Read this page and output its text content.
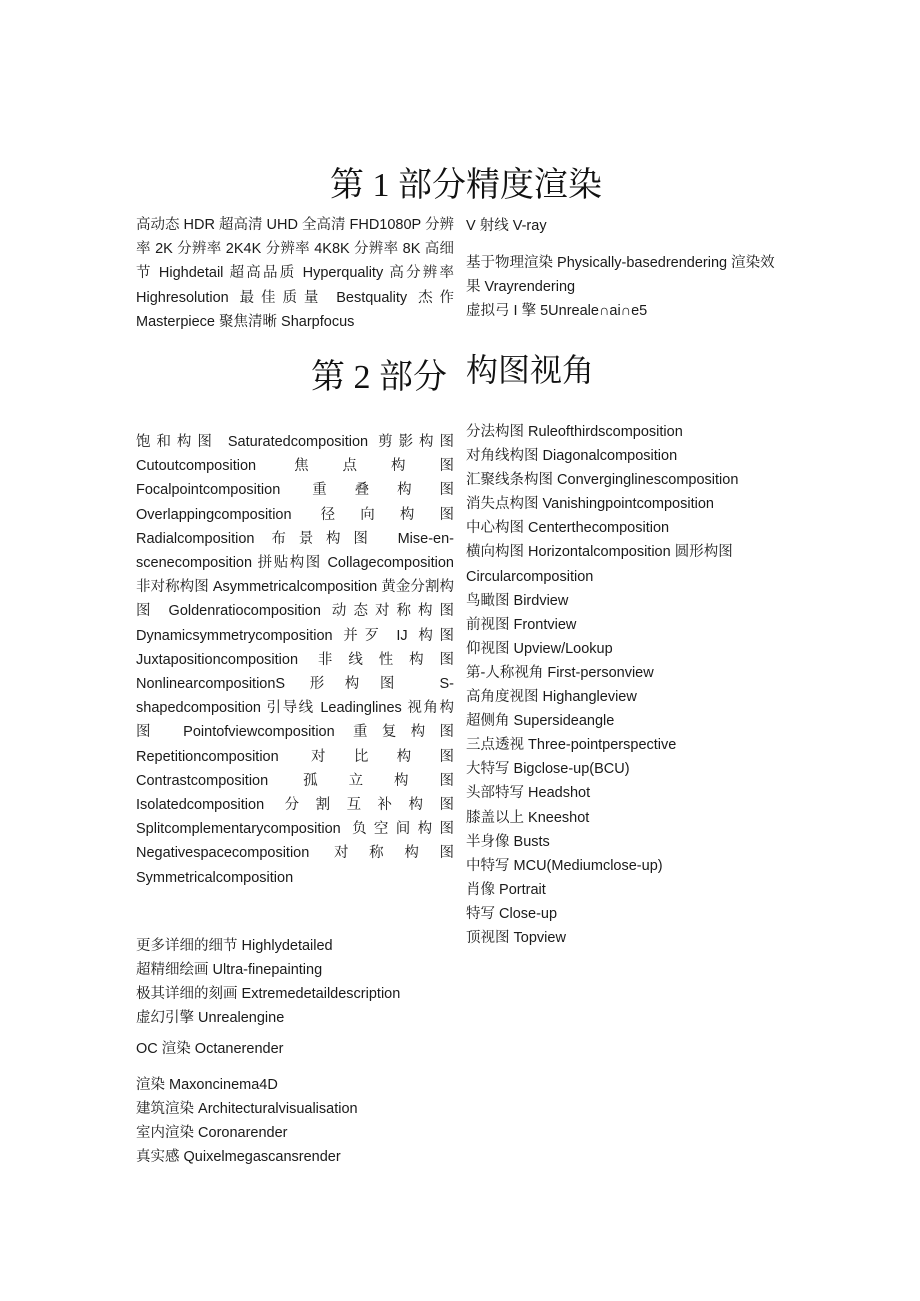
第 1 部分精度渲染
高动态 HDR 超高清 UHD 全高清 FHD1080P 分辨率 2K 分辨率 2K4K 分辨率 4K8K 分辨率 8K 高细节 Highdetail 超高品质 Hyperquality 高分辨率 Highresolution 最佳质量 Bestquality 杰作 Masterpiece 聚焦清晰 Sharpfocus
V 射线 V-ray
基于物理渲染 Physically-basedrendering 渲染效果 Vrayrendering
虚拟弓 I 擎 5Unreale∩ai∩e5
第 2 部分 构图视角
饱和构图 Saturatedcomposition 剪影构图 Cutoutcomposition 焦点构图 Focalpointcomposition 重叠构图 Overlappingcomposition 径向构图 Radialcomposition 布景构图 Mise-en-scenecomposition 拼贴构图 Collagecomposition 非对称构图 Asymmetricalcomposition 黄金分割构图 Goldenratiocomposition 动态对称构图 Dynamicsymmetrycomposition 并歹 IJ 构图 Juxtapositioncomposition 非线性构图 NonlinearcompositionS 形构图 S-shapedcomposition 引导线 Leadinglines 视角构图 Pointofviewcomposition 重复构图 Repetitioncomposition 对比构图 Contrastcomposition 孤立构图 Isolatedcomposition 分割互补构图 Splitcomplementarycomposition 负空间构图 Negativespacecomposition 对称构图 Symmetricalcomposition
分法构图 Ruleofthirdscomposition
对角线构图 Diagonalcomposition
汇聚线条构图 Converginglinescomposition
消失点构图 Vanishingpointcomposition
中心构图 Centerthecomposition
横向构图 Horizontalcomposition 圆形构图
Circularcomposition
鸟瞰图 Birdview
前视图 Frontview
仰视图 Upview/Lookup
第-人称视角 First-personview
高角度视图 Highangleview
超侧角 Supersideangle
三点透视 Three-pointperspective
大特写 Bigclose-up(BCU)
头部特写 Headshot
膝盖以上 Kneeshot
半身像 Busts
中特写 MCU(Mediumclose-up)
肖像 Portrait
特写 Close-up
顶视图 Topview
更多详细的细节 Highlydetailed
超精细绘画 Ultra-finepainting
极其详细的刻画 Extremedetaildescription
虚幻引擎 Unrealengine
OC 渲染 Octanerender
渲染 Maxoncinema4D
建筑渲染 Architecturalvisualisation
室内渲染 Coronarender
真实感 Quixelmegascansrender
